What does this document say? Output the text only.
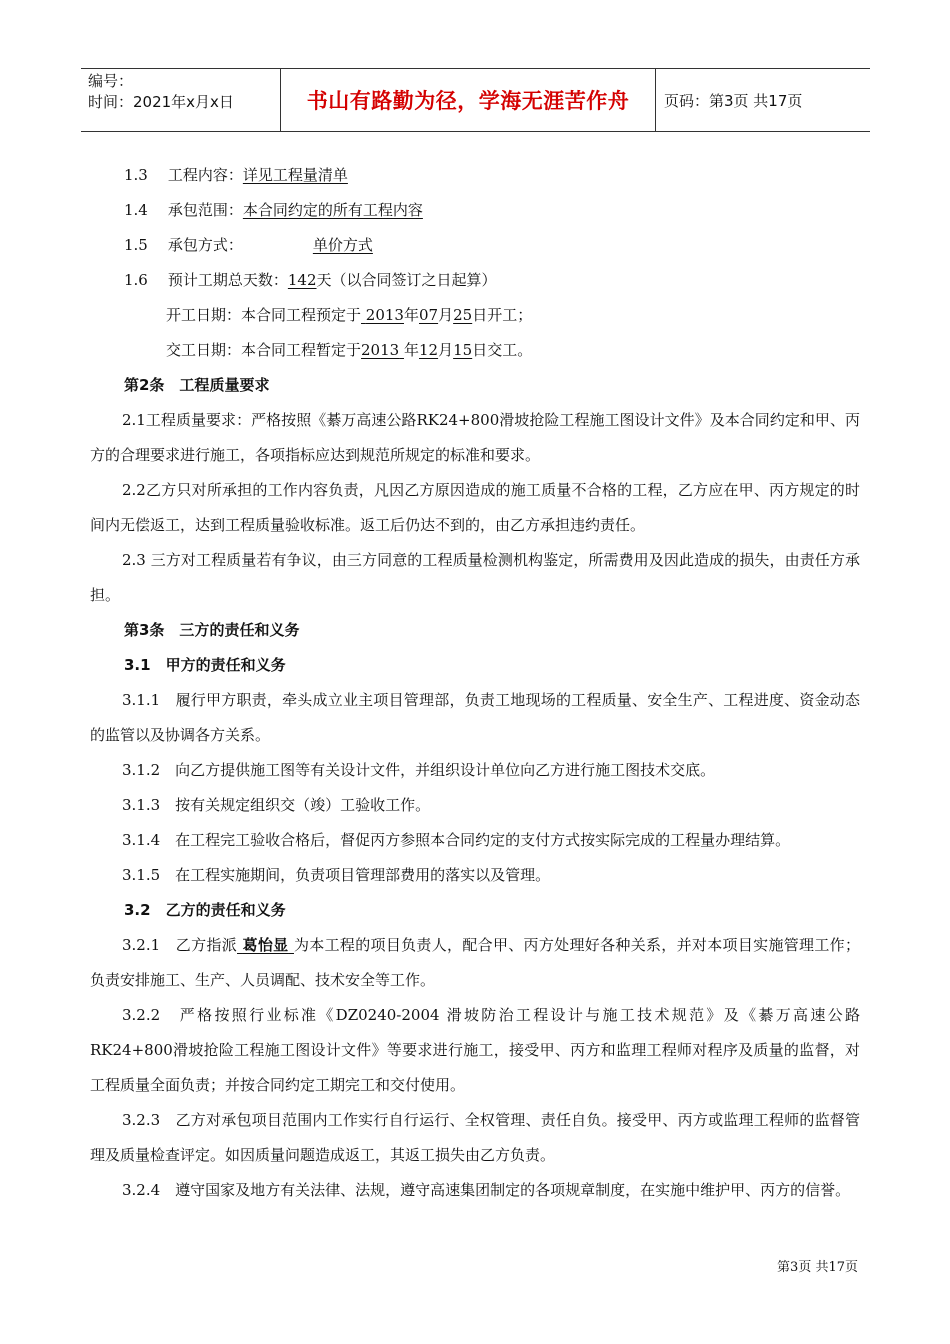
编号：
时间：2021年x月x日	书山有路勤为径，学海无涯苦作舟	页码：第3页 共17页

1.3 工程内容：详见工程量清单

1.4 承包范围：本合同约定的所有工程内容

1.5 承包方式：	单价方式

1.6 预计工期总天数：142天（以合同签订之日起算）

开工日期：本合同工程预定于 2013年07月25日开工；

交工日期：本合同工程暂定于2013 年12月15日交工。

第2条　工程质量要求

2.1工程质量要求：严格按照《綦万高速公路RK24+800滑坡抢险工程施工图设计文件》及本合同约定和甲、丙方的合理要求进行施工，各项指标应达到规范所规定的标准和要求。

2.2乙方只对所承担的工作内容负责，凡因乙方原因造成的施工质量不合格的工程，乙方应在甲、丙方规定的时间内无偿返工，达到工程质量验收标准。返工后仍达不到的，由乙方承担违约责任。

2.3 三方对工程质量若有争议，由三方同意的工程质量检测机构鉴定，所需费用及因此造成的损失，由责任方承担。

第3条　三方的责任和义务

3.1　甲方的责任和义务

3.1.1　履行甲方职责，牵头成立业主项目管理部，负责工地现场的工程质量、安全生产、工程进度、资金动态的监管以及协调各方关系。

3.1.2　向乙方提供施工图等有关设计文件，并组织设计单位向乙方进行施工图技术交底。

3.1.3　按有关规定组织交（竣）工验收工作。

3.1.4　在工程完工验收合格后，督促丙方参照本合同约定的支付方式按实际完成的工程量办理结算。

3.1.5　在工程实施期间，负责项目管理部费用的落实以及管理。

3.2　乙方的责任和义务

3.2.1　乙方指派 葛怡显 为本工程的项目负责人，配合甲、丙方处理好各种关系，并对本项目实施管理工作；负责安排施工、生产、人员调配、技术安全等工作。

3.2.2　严格按照行业标准《DZ0240-2004 滑坡防治工程设计与施工技术规范》及《綦万高速公路RK24+800滑坡抢险工程施工图设计文件》等要求进行施工，接受甲、丙方和监理工程师对程序及质量的监督，对工程质量全面负责；并按合同约定工期完工和交付使用。

3.2.3　乙方对承包项目范围内工作实行自行运行、全权管理、责任自负。接受甲、丙方或监理工程师的监督管理及质量检查评定。如因质量问题造成返工，其返工损失由乙方负责。

3.2.4　遵守国家及地方有关法律、法规，遵守高速集团制定的各项规章制度，在实施中维护甲、丙方的信誉。

第3页 共17页
